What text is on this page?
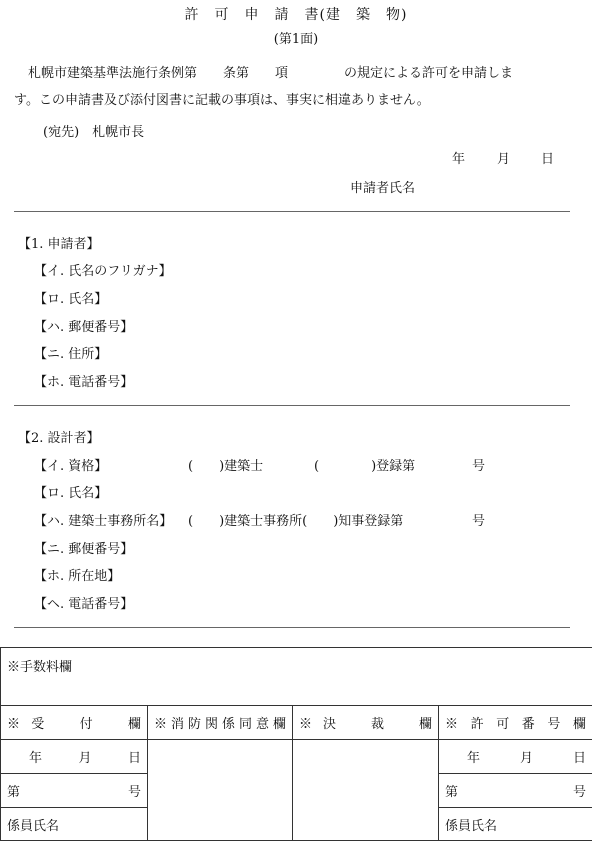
許　可　申　請　書(建　築　物)
(第1面)
札幌市建築基準法施行条例第 条第 項	の規定による許可を申請しま
す。この申請書及び添付図書に記載の事項は、事実に相違ありません。
(宛先)　札幌市長
年 月 日
申請者氏名
【1. 申請者】
【イ. 氏名のフリガナ】
【ロ. 氏名】
【ハ. 郵便番号】
【ニ. 住所】
【ホ. 電話番号】
【2. 設計者】
【イ. 資格】	(　　)建築士	(　　　　)登録第	号
【ロ. 氏名】
【ハ. 建築士事務所名】 (　　)建築士事務所(　　)知事登録第	号
【ニ. 郵便番号】
【ホ. 所在地】
【ヘ. 電話番号】
※手数料欄			

※受　付　欄	※消防関係同意欄	※決　裁　欄	※許可番号欄

年 月 日			年 月 日

第 号			第 号

係員氏名			係員氏名
